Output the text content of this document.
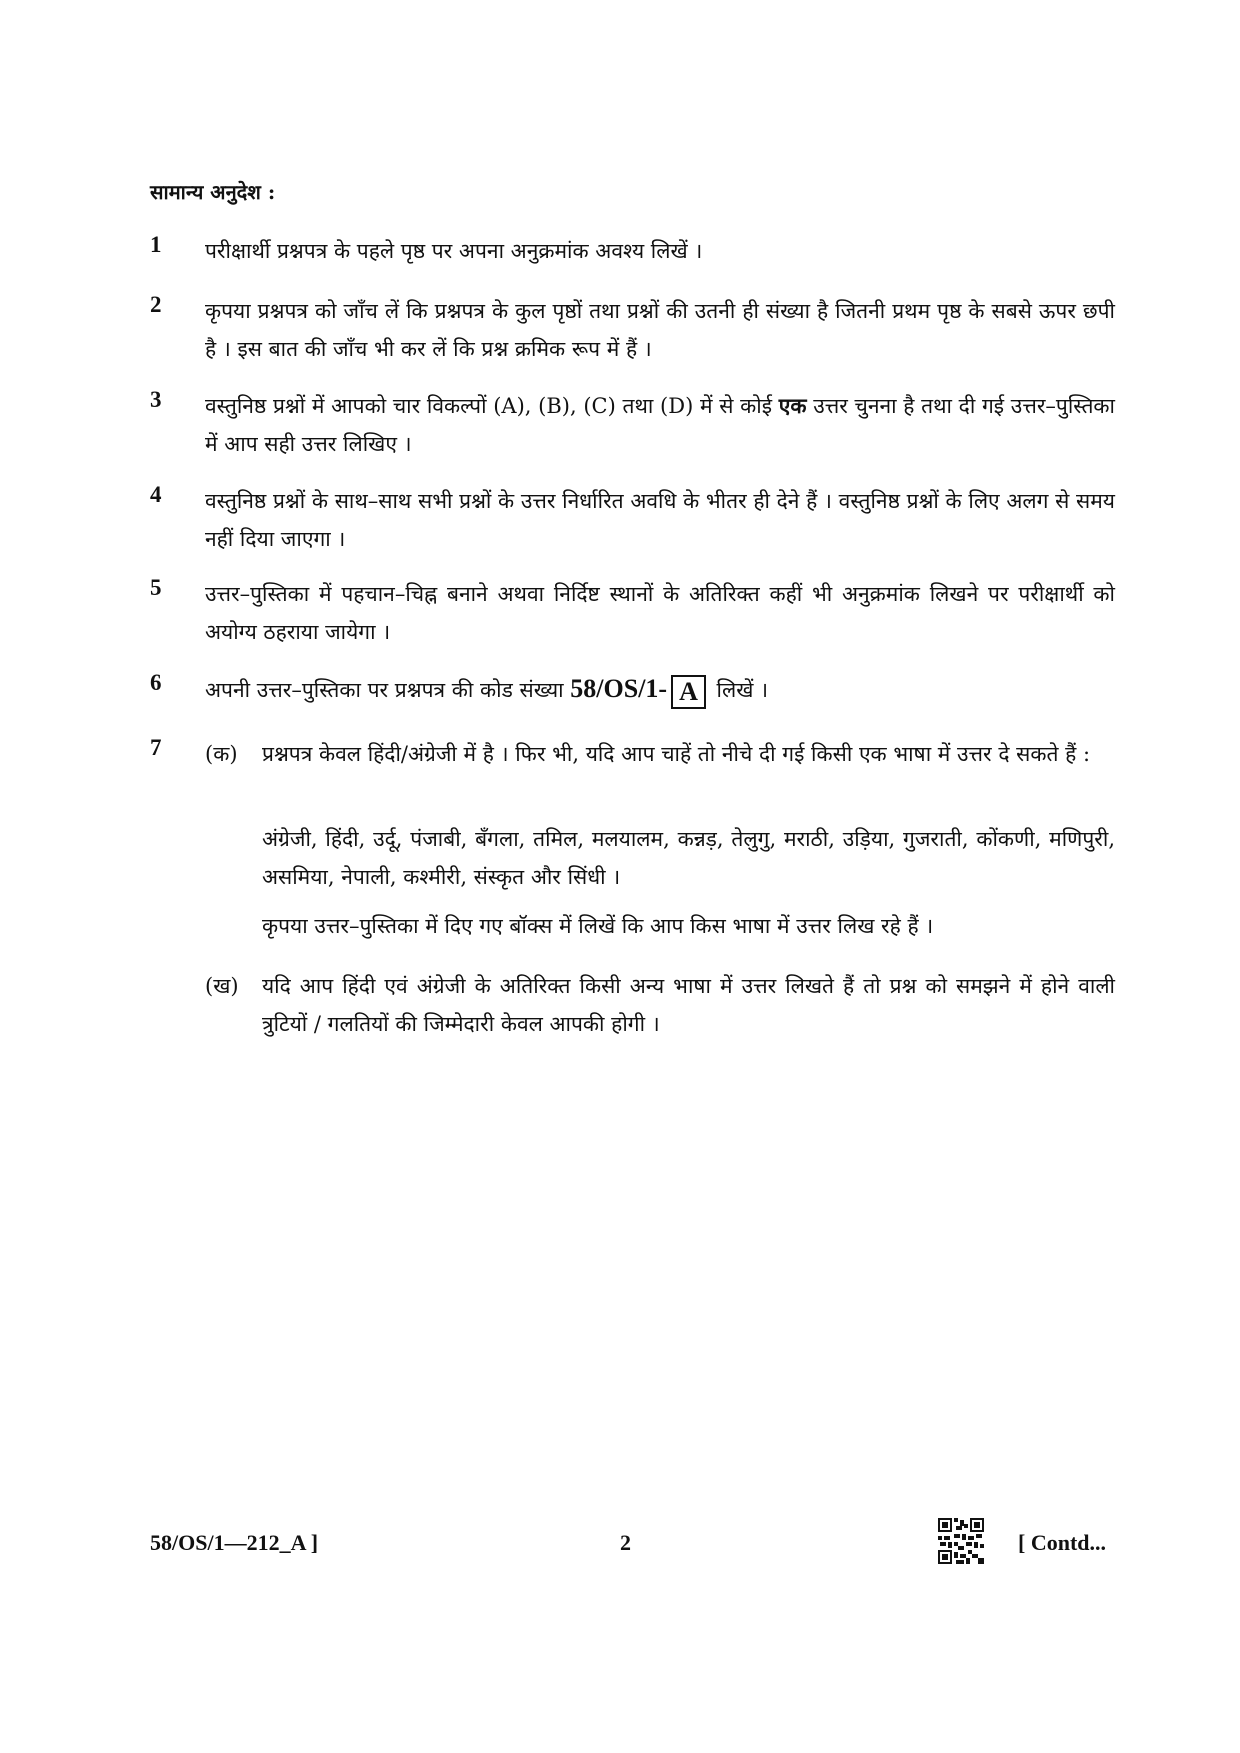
सामान्य अनुदेश :
1 परीक्षार्थी प्रश्नपत्र के पहले पृष्ठ पर अपना अनुक्रमांक अवश्य लिखें ।
2 कृपया प्रश्नपत्र को जाँच लें कि प्रश्नपत्र के कुल पृष्ठों तथा प्रश्नों की उतनी ही संख्या है जितनी प्रथम पृष्ठ के सबसे ऊपर छपी है । इस बात की जाँच भी कर लें कि प्रश्न क्रमिक रूप में हैं ।
3 वस्तुनिष्ठ प्रश्नों में आपको चार विकल्पों (A), (B), (C) तथा (D) में से कोई एक उत्तर चुनना है तथा दी गई उत्तर–पुस्तिका में आप सही उत्तर लिखिए ।
4 वस्तुनिष्ठ प्रश्नों के साथ–साथ सभी प्रश्नों के उत्तर निर्धारित अवधि के भीतर ही देने हैं । वस्तुनिष्ठ प्रश्नों के लिए अलग से समय नहीं दिया जाएगा ।
5 उत्तर–पुस्तिका में पहचान–चिह्न बनाने अथवा निर्दिष्ट स्थानों के अतिरिक्त कहीं भी अनुक्रमांक लिखने पर परीक्षार्थी को अयोग्य ठहराया जायेगा ।
6 अपनी उत्तर–पुस्तिका पर प्रश्नपत्र की कोड संख्या 58/OS/1- A लिखें ।
7 (क) प्रश्नपत्र केवल हिंदी/अंग्रेजी में है । फिर भी, यदि आप चाहें तो नीचे दी गई किसी एक भाषा में उत्तर दे सकते हैं :
अंग्रेजी, हिंदी, उर्दू, पंजाबी, बँगला, तमिल, मलयालम, कन्नड़, तेलुगु, मराठी, उड़िया, गुजराती, कोंकणी, मणिपुरी, असमिया, नेपाली, कश्मीरी, संस्कृत और सिंधी ।
कृपया उत्तर–पुस्तिका में दिए गए बॉक्स में लिखें कि आप किस भाषा में उत्तर लिख रहे हैं ।
(ख) यदि आप हिंदी एवं अंग्रेजी के अतिरिक्त किसी अन्य भाषा में उत्तर लिखते हैं तो प्रश्न को समझने में होने वाली त्रुटियों / गलतियों की जिम्मेदारी केवल आपकी होगी ।
58/OS/1—212_A ]	2	[ Contd...
